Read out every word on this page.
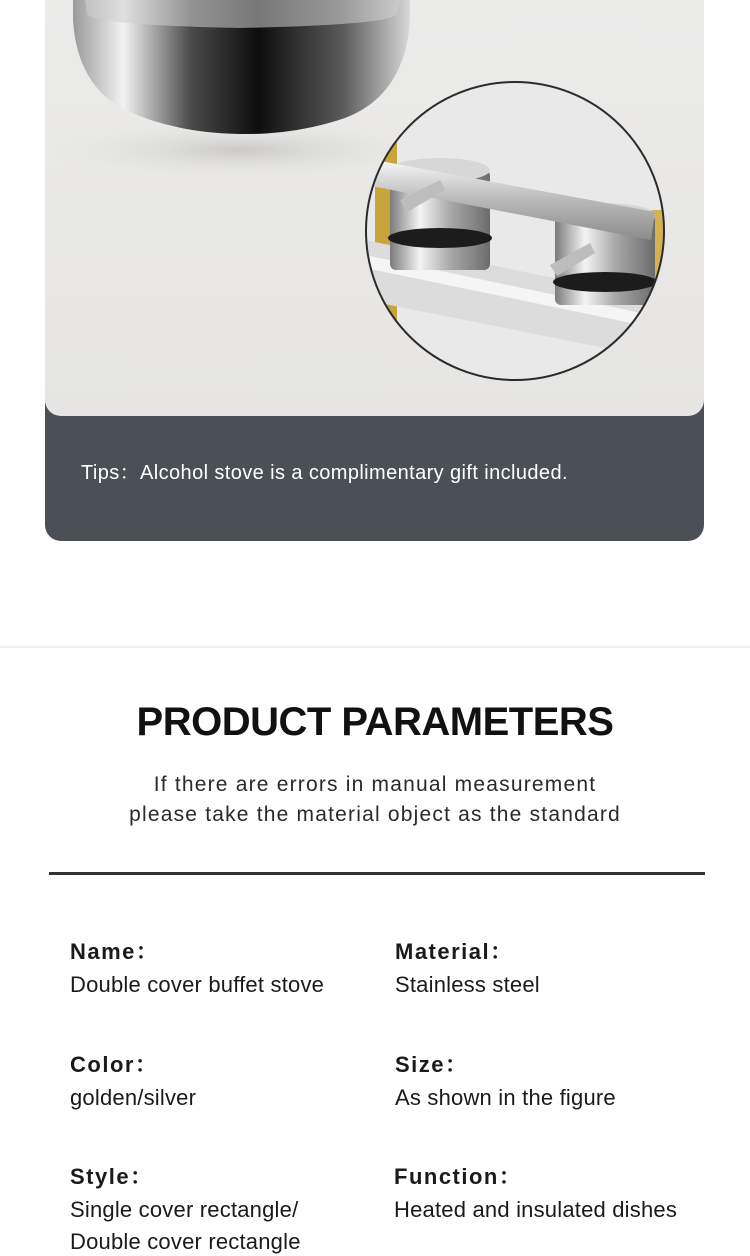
Tips：Alcohol stove is a complimentary gift included.
PRODUCT PARAMETERS
If there are errors in manual measurement
please take the material object as the standard
Name：
Double cover buffet stove
Material：
Stainless steel
Color：
golden/silver
Size：
As shown in the figure
Style：
Single cover rectangle/
Double cover rectangle
Function：
Heated and insulated dishes
